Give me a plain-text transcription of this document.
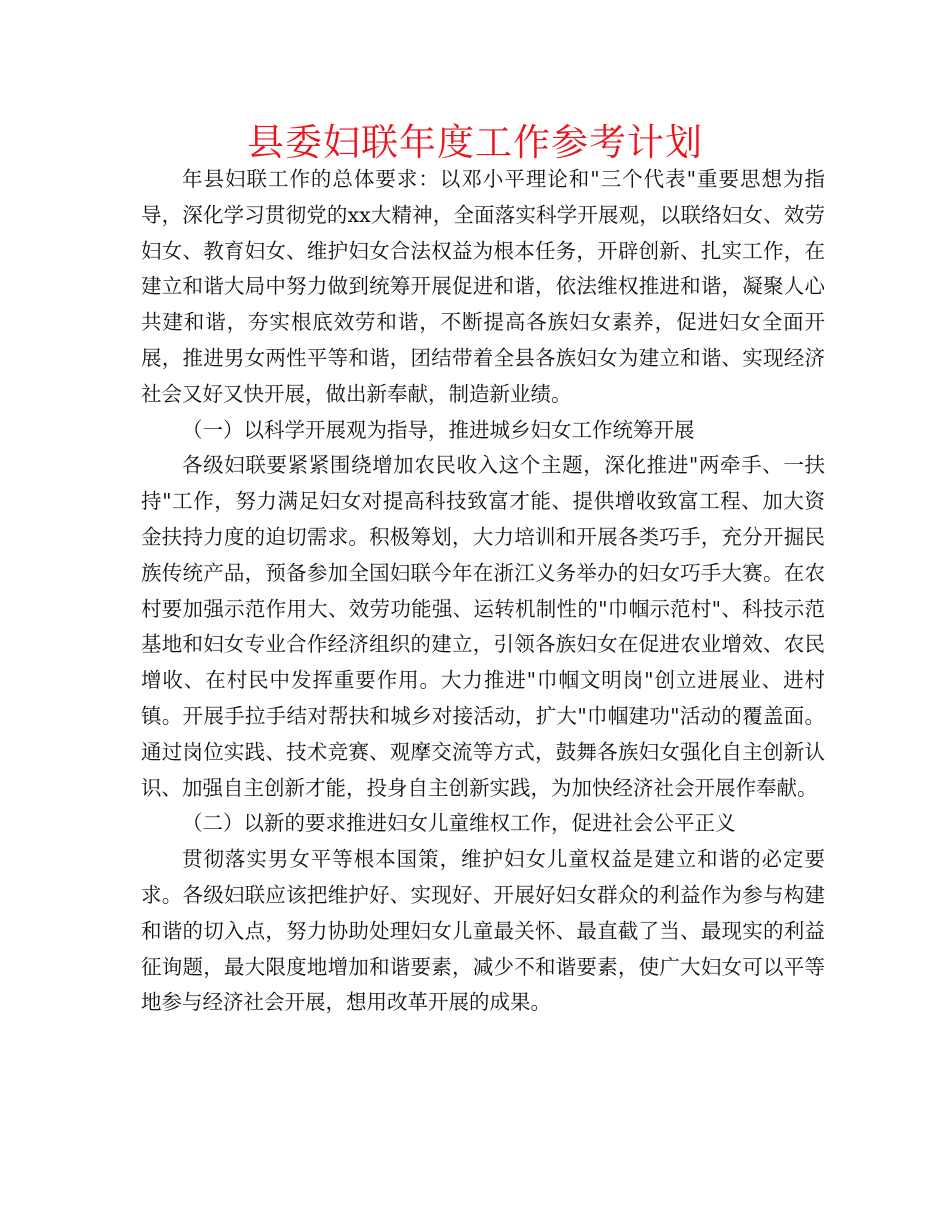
县委妇联年度工作参考计划

年县妇联工作的总体要求：以邓小平理论和"三个代表"重要思想为指导，深化学习贯彻党的xx大精神，全面落实科学开展观，以联络妇女、效劳妇女、教育妇女、维护妇女合法权益为根本任务，开辟创新、扎实工作，在建立和谐大局中努力做到统筹开展促进和谐，依法维权推进和谐，凝聚人心共建和谐，夯实根底效劳和谐，不断提高各族妇女素养，促进妇女全面开展，推进男女两性平等和谐，团结带着全县各族妇女为建立和谐、实现经济社会又好又快开展，做出新奉献，制造新业绩。

（一）以科学开展观为指导，推进城乡妇女工作统筹开展

各级妇联要紧紧围绕增加农民收入这个主题，深化推进"两牵手、一扶持"工作，努力满足妇女对提高科技致富才能、提供增收致富工程、加大资金扶持力度的迫切需求。积极筹划，大力培训和开展各类巧手，充分开掘民族传统产品，预备参加全国妇联今年在浙江义务举办的妇女巧手大赛。在农村要加强示范作用大、效劳功能强、运转机制性的"巾帼示范村"、科技示范基地和妇女专业合作经济组织的建立，引领各族妇女在促进农业增效、农民增收、在村民中发挥重要作用。大力推进"巾帼文明岗"创立进展业、进村镇。开展手拉手结对帮扶和城乡对接活动，扩大"巾帼建功"活动的覆盖面。通过岗位实践、技术竞赛、观摩交流等方式，鼓舞各族妇女强化自主创新认识、加强自主创新才能，投身自主创新实践，为加快经济社会开展作奉献。

（二）以新的要求推进妇女儿童维权工作，促进社会公平正义

贯彻落实男女平等根本国策，维护妇女儿童权益是建立和谐的必定要求。各级妇联应该把维护好、实现好、开展好妇女群众的利益作为参与构建和谐的切入点，努力协助处理妇女儿童最关怀、最直截了当、最现实的利益征询题，最大限度地增加和谐要素，减少不和谐要素，使广大妇女可以平等地参与经济社会开展，想用改革开展的成果。
